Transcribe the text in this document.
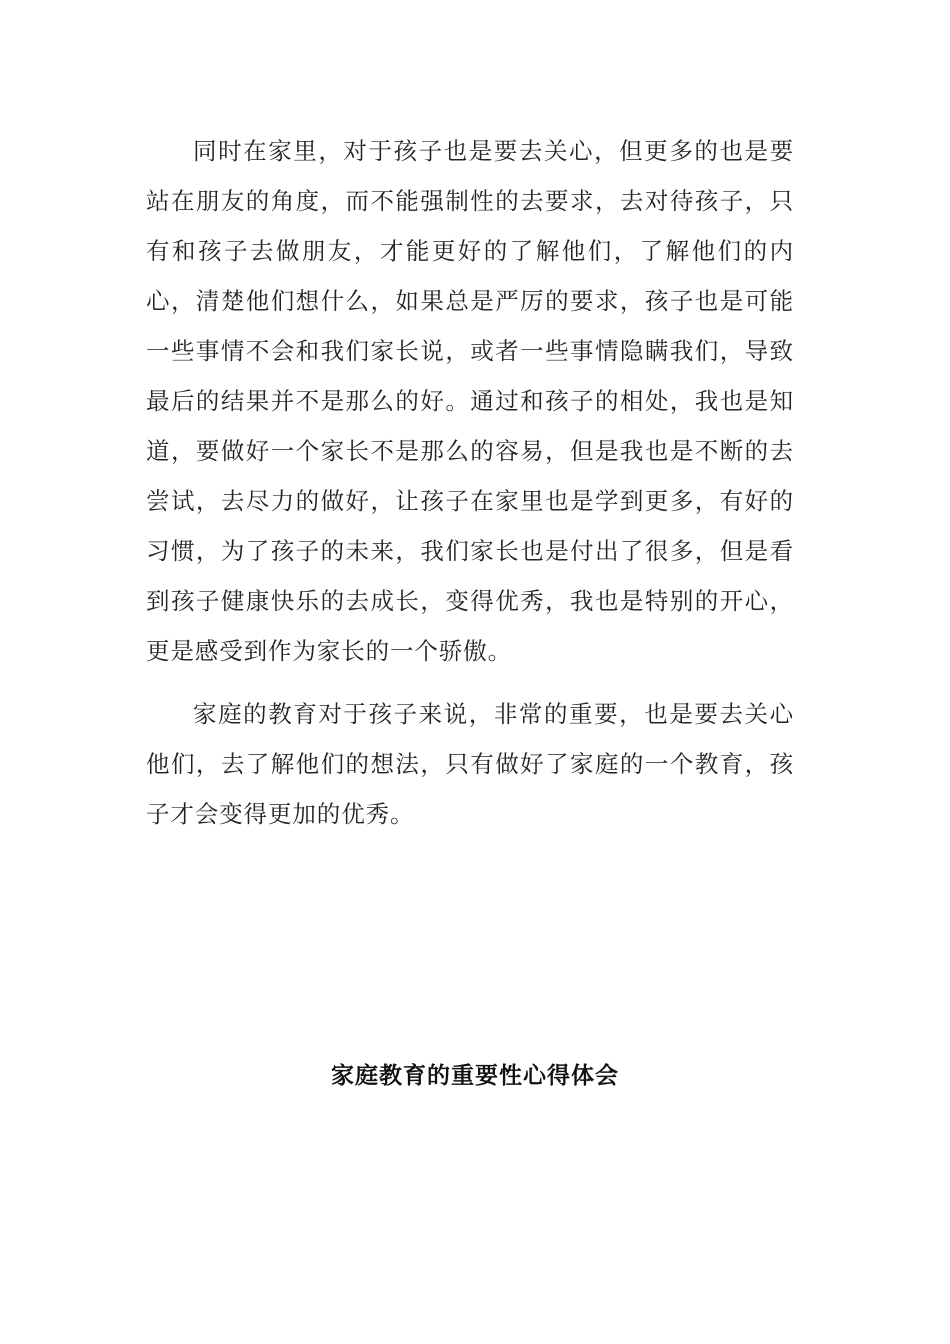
同时在家里，对于孩子也是要去关心，但更多的也是要站在朋友的角度，而不能强制性的去要求，去对待孩子，只有和孩子去做朋友，才能更好的了解他们，了解他们的内心，清楚他们想什么，如果总是严厉的要求，孩子也是可能一些事情不会和我们家长说，或者一些事情隐瞒我们，导致最后的结果并不是那么的好。通过和孩子的相处，我也是知道，要做好一个家长不是那么的容易，但是我也是不断的去尝试，去尽力的做好，让孩子在家里也是学到更多，有好的习惯，为了孩子的未来，我们家长也是付出了很多，但是看到孩子健康快乐的去成长，变得优秀，我也是特别的开心，更是感受到作为家长的一个骄傲。

家庭的教育对于孩子来说，非常的重要，也是要去关心他们，去了解他们的想法，只有做好了家庭的一个教育，孩子才会变得更加的优秀。

家庭教育的重要性心得体会
